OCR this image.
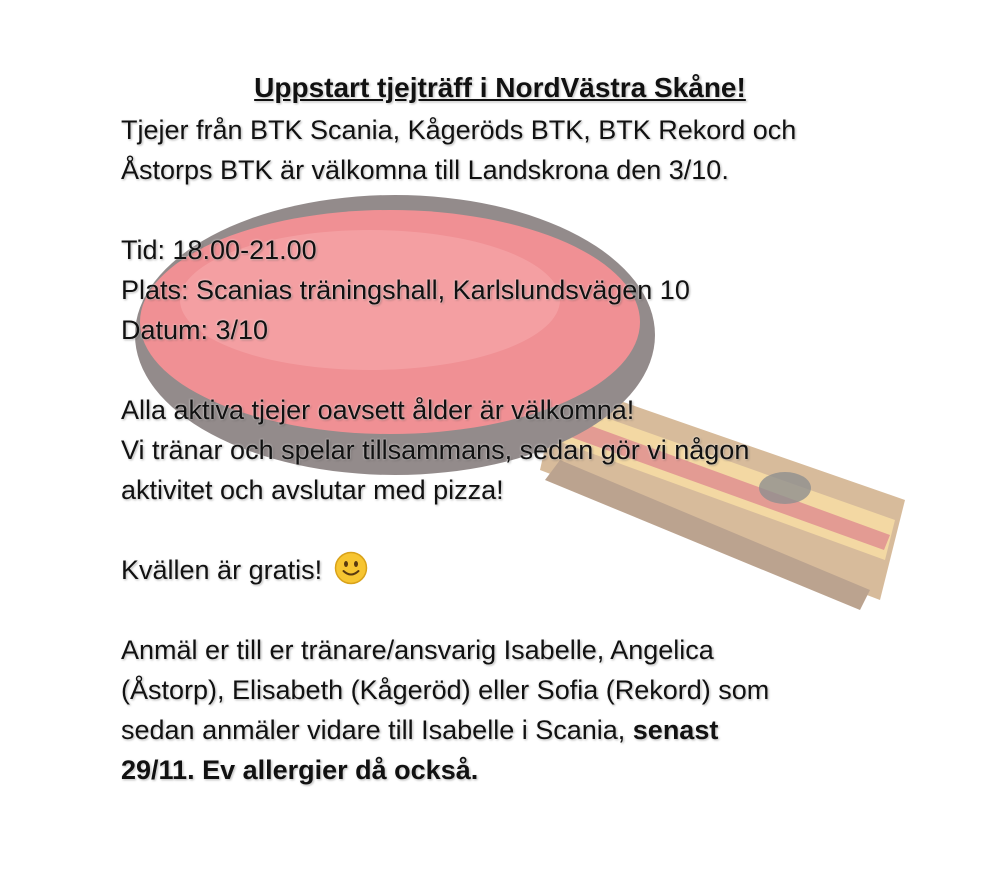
Uppstart tjejträff i NordVästra Skåne!
Tjejer från BTK Scania, Kågeröds BTK, BTK Rekord och
Åstorps BTK är välkomna till Landskrona den 3/10.
Tid: 18.00-21.00
Plats: Scanias träningshall, Karlslundsvägen 10
Datum: 3/10
Alla aktiva tjejer oavsett ålder är välkomna!
Vi tränar och spelar tillsammans, sedan gör vi någon
aktivitet och avslutar med pizza!
Kvällen är gratis!
Anmäl er till er tränare/ansvarig Isabelle, Angelica
(Åstorp), Elisabeth (Kågeröd) eller Sofia (Rekord) som
sedan anmäler vidare till Isabelle i Scania, senast
29/11. Ev allergier då också.
